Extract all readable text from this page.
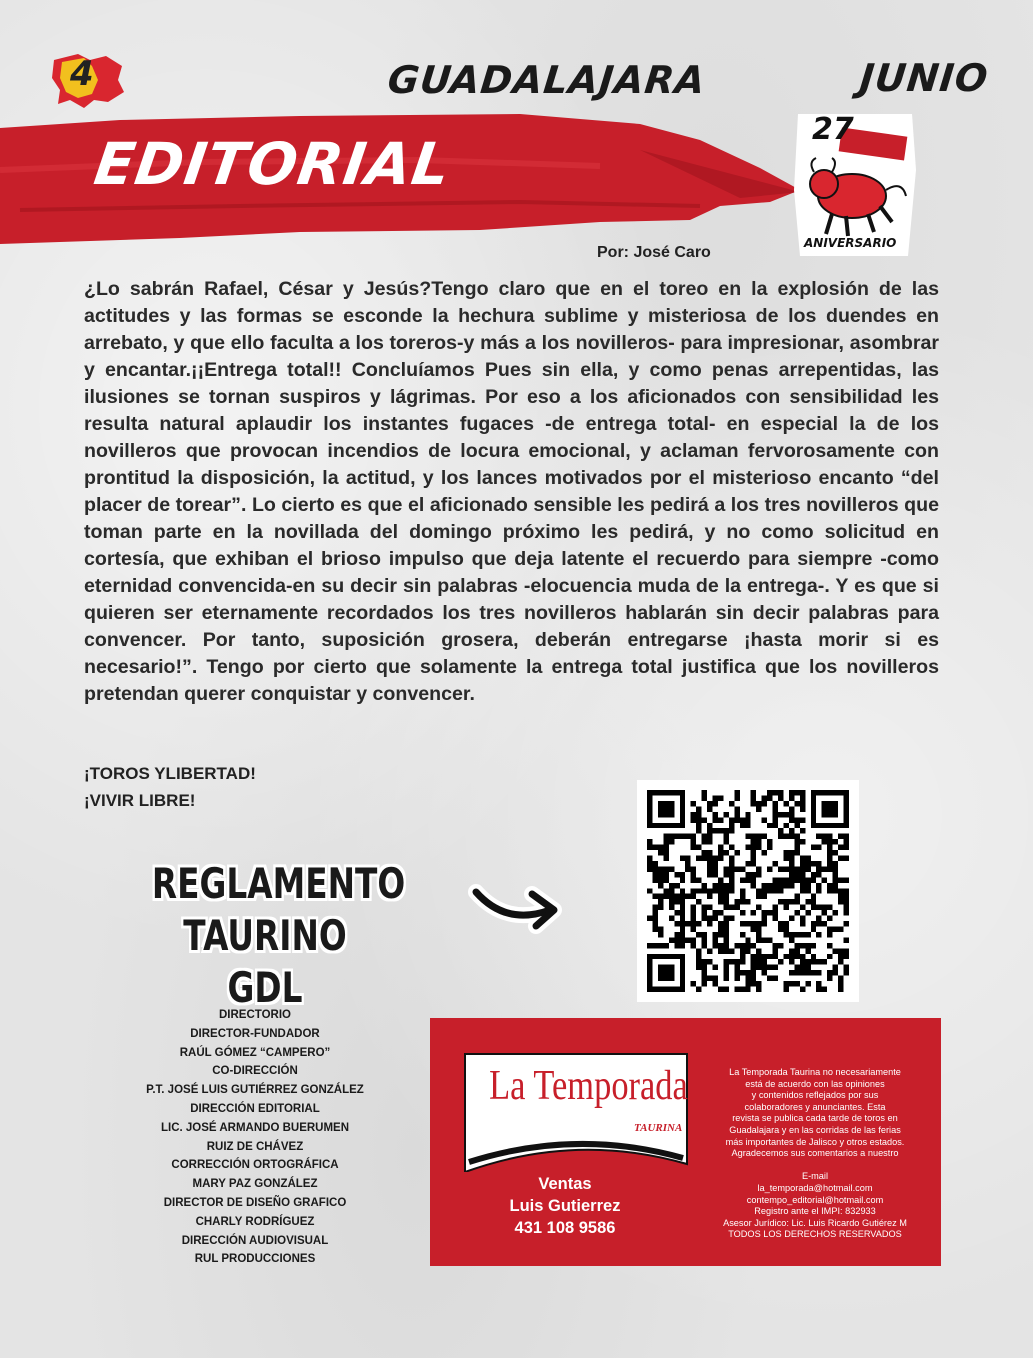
4	GUADALAJARA	JUNIO
EDITORIAL
27
ANIVERSARIO
Por: José Caro

¿Lo sabrán Rafael, César y Jesús?Tengo claro que en el toreo en la explosión de las actitudes y las formas se esconde la hechura sublime y misteriosa de los duendes en arrebato, y que ello faculta a los toreros-y más a los novilleros- para impresionar, asombrar y encantar.¡¡Entrega total!! Concluíamos Pues sin ella, y como penas arrepentidas, las ilusiones se tornan suspiros y lágrimas. Por eso a los aficionados con sensibilidad les resulta natural aplaudir los instantes fugaces -de entrega total- en especial la de los novilleros que provocan incendios de locura emocional, y aclaman fervorosamente con prontitud la disposición, la actitud, y los lances motivados por el misterioso encanto “del placer de torear”. Lo cierto es que el aficionado sensible les pedirá a los tres novilleros que toman parte en la novillada del domingo próximo les pedirá, y no como solicitud en cortesía, que exhiban el brioso impulso que deja latente el recuerdo para siempre -como eternidad convencida-en su decir sin palabras -elocuencia muda de la entrega-. Y es que si quieren ser eternamente recordados los tres novilleros hablarán sin decir palabras para convencer. Por tanto, suposición grosera, deberán entregarse ¡hasta morir si es necesario!”. Tengo por cierto que solamente la entrega total justifica que los novilleros pretendan querer conquistar y convencer.

¡TOROS YLIBERTAD!
¡VIVIR LIBRE!
REGLAMENTO
TAURINO GDL
DIRECTORIO
DIRECTOR-FUNDADOR
RAÚL GÓMEZ “CAMPERO”
CO-DIRECCIÓN
P.T. JOSÉ LUIS GUTIÉRREZ GONZÁLEZ
DIRECCIÓN EDITORIAL
LIC. JOSÉ ARMANDO BUERUMEN
RUIZ DE CHÁVEZ
CORRECCIÓN ORTOGRÁFICA
MARY PAZ GONZÁLEZ
DIRECTOR DE DISEÑO GRAFICO
CHARLY RODRÍGUEZ
DIRECCIÓN AUDIOVISUAL
RUL PRODUCCIONES
La Temporada
TAURINA
Ventas
Luis Gutierrez
431 108 9586
La Temporada Taurina no necesariamente
está de acuerdo con las opiniones
y contenidos reflejados por sus
colaboradores y anunciantes. Esta
revista se publica cada tarde de toros en
Guadalajara y en las corridas de las ferias
más importantes de Jalisco y otros estados.
Agradecemos sus comentarios a nuestro

E-mail
la_temporada@hotmail.com
contempo_editorial@hotmail.com
Registro ante el IMPI: 832933
Asesor Jurídico: Lic. Luis Ricardo Gutiérez M
TODOS LOS DERECHOS RESERVADOS
